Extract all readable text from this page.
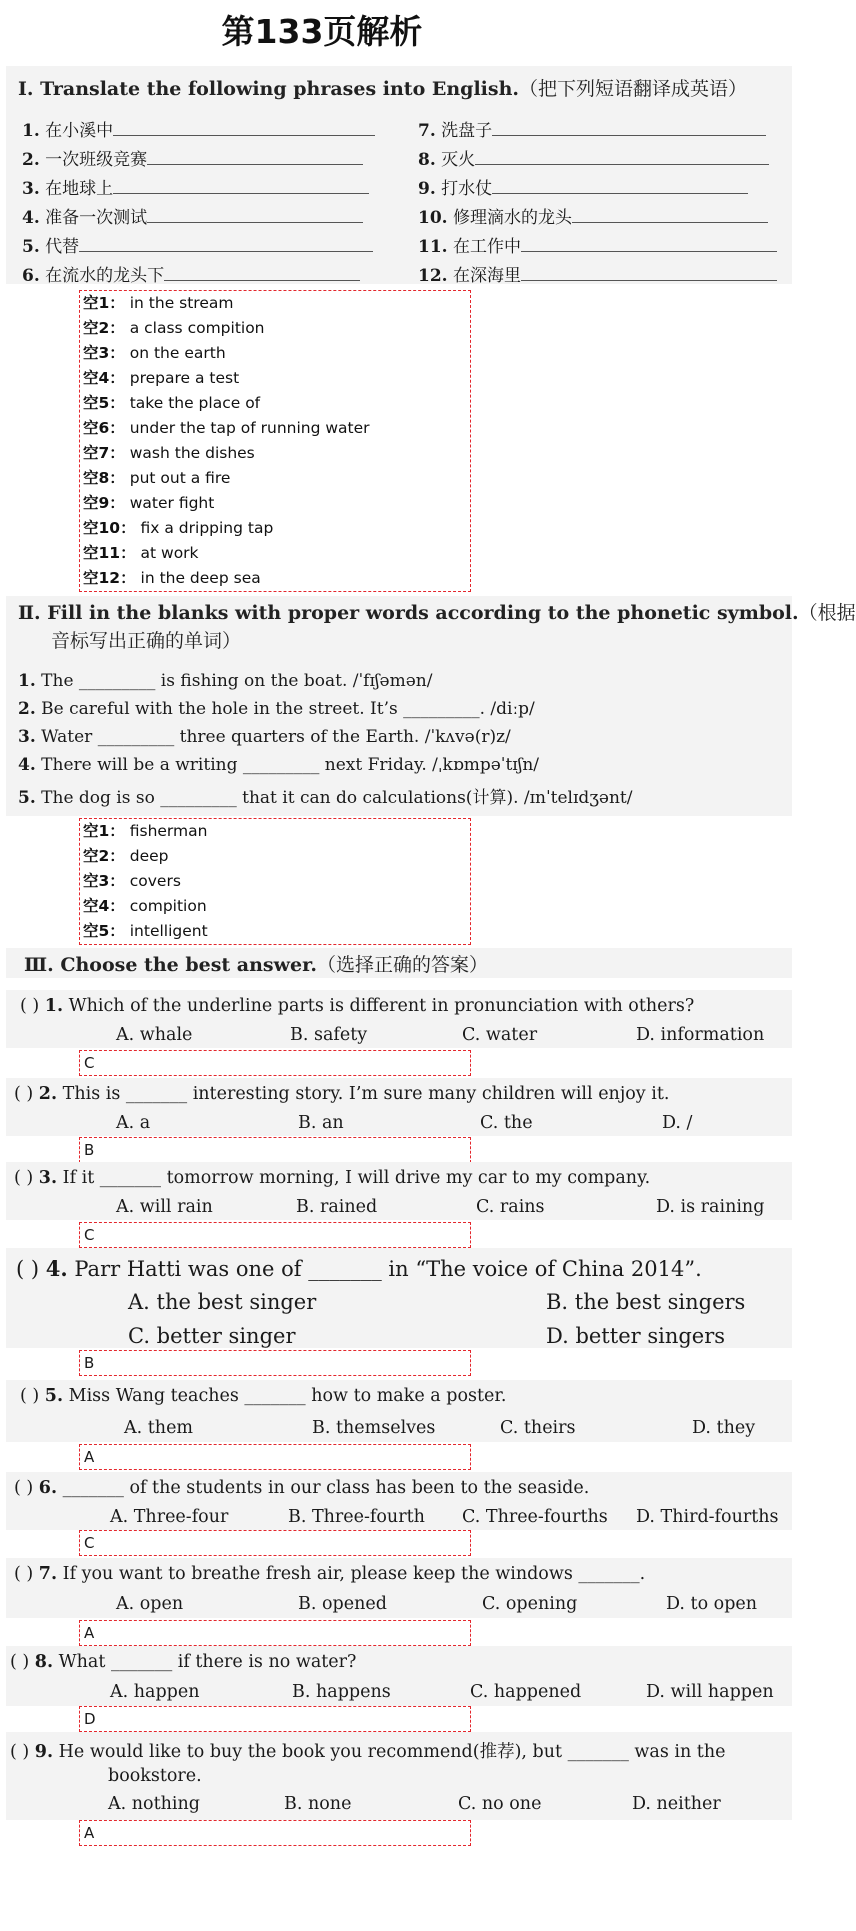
第133页解析
Ⅰ. Translate the following phrases into English.（把下列短语翻译成英语）
1. 在小溪中
2. 一次班级竞赛
3. 在地球上
4. 准备一次测试
5. 代替
6. 在流水的龙头下
7. 洗盘子
8. 灭火
9. 打水仗
10. 修理滴水的龙头
11. 在工作中
12. 在深海里
空1： in the stream
空2： a class compition
空3： on the earth
空4： prepare a test
空5： take the place of
空6： under the tap of running water
空7： wash the dishes
空8： put out a fire
空9： water fight
空10： fix a dripping tap
空11： at work
空12： in the deep sea
Ⅱ. Fill in the blanks with proper words according to the phonetic symbol.（根据
音标写出正确的单词）
1. The _________ is fishing on the boat. /ˈfɪʃəmən/
2. Be careful with the hole in the street. It’s _________. /diːp/
3. Water _________ three quarters of the Earth. /ˈkʌvə(r)z/
4. There will be a writing _________ next Friday. /ˌkɒmpəˈtɪʃn/
5. The dog is so _________ that it can do calculations(计算). /ɪnˈtelɪdʒənt/
空1： fisherman
空2： deep
空3： covers
空4： compition
空5： intelligent
Ⅲ. Choose the best answer.（选择正确的答案）
( ) 1. Which of the underline parts is different in pronunciation with others?
A. whale	B. safety	C. water	D. information
C
( ) 2. This is _______ interesting story. I’m sure many children will enjoy it.
A. a	B. an	C. the	D. /
B
( ) 3. If it _______ tomorrow morning, I will drive my car to my company.
A. will rain	B. rained	C. rains	D. is raining
C
( ) 4. Parr Hatti was one of _______ in “The voice of China 2014”.
A. the best singer	B. the best singers
C. better singer	D. better singers
B
( ) 5. Miss Wang teaches _______ how to make a poster.
A. them	B. themselves	C. theirs	D. they
A
( ) 6. _______ of the students in our class has been to the seaside.
A. Three-four	B. Three-fourth C. Three-fourths D. Third-fourths
C
( ) 7. If you want to breathe fresh air, please keep the windows _______.
A. open	B. opened	C. opening	D. to open
A
( ) 8. What _______ if there is no water?
A. happen	B. happens	C. happened	D. will happen
D
( ) 9. He would like to buy the book you recommend(推荐), but _______ was in the
bookstore.
A. nothing	B. none	C. no one	D. neither
A
